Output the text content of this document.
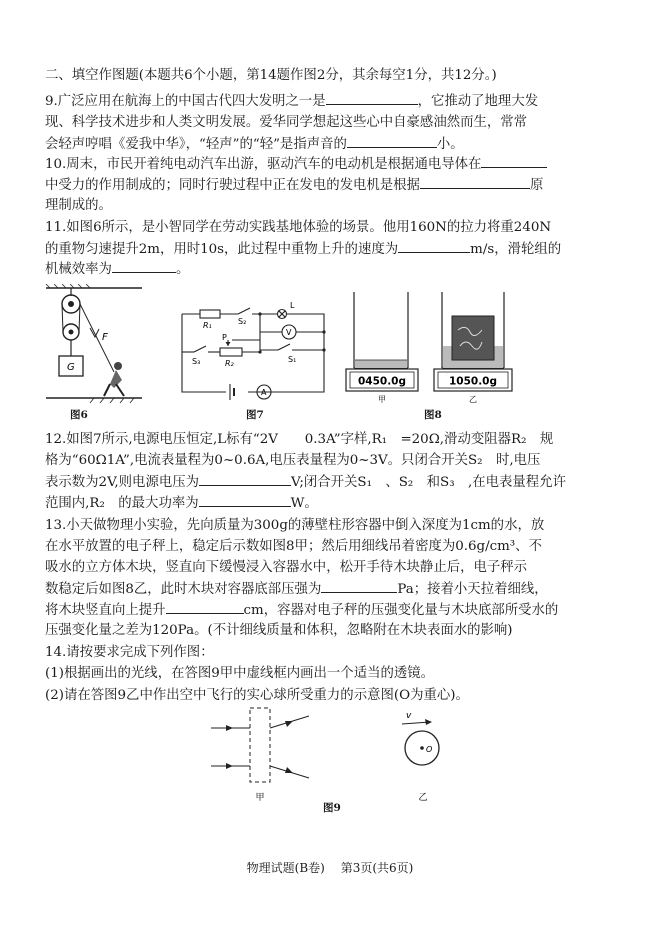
二、填空作图题(本题共6个小题，第14题作图2分，其余每空1分，共12分。)
9.广泛应用在航海上的中国古代四大发明之一是	，它推动了地理大发
现、科学技术进步和人类文明发展。爱华同学想起这些心中自豪感油然而生，常常
会轻声哼唱《爱我中华》，“轻声”的“轻”是指声音的	小。
10.周末，市民开着纯电动汽车出游，驱动汽车的电动机是根据通电导体在
中受力的作用制成的；同时行驶过程中正在发电的发电机是根据	原
理制成的。
11.如图6所示，是小智同学在劳动实践基地体验的场景。他用160N的拉力将重240N
的重物匀速提升2m，用时10s，此过程中重物上升的速度为	m/s，滑轮组的
机械效率为	。
G
F
图6
R₁	S₂
L
V
P
R₂
S₃	S₁
A
图7
0450.0g	1050.0g
甲	乙
图8
12.如图7所示,电源电压恒定,L标有“2V　　0.3A”字样,R₁　=20Ω,滑动变阻器R₂　规
格为“60Ω1A”,电流表量程为0~0.6A,电压表量程为0~3V。只闭合开关S₂　时,电压
表示数为2V,则电源电压为	V;闭合开关S₁　、S₂　和S₃　,在电表量程允许
范围内,R₂　的最大功率为	W。
13.小天做物理小实验，先向质量为300g的薄壁柱形容器中倒入深度为1cm的水，放
在水平放置的电子秤上，稳定后示数如图8甲；然后用细线吊着密度为0.6g/cm³、不
吸水的立方体木块，竖直向下缓慢浸入容器水中，松开手待木块静止后，电子秤示
数稳定后如图8乙，此时木块对容器底部压强为	Pa；接着小天拉着细线，
将木块竖直向上提升	cm，容器对电子秤的压强变化量与木块底部所受水的
压强变化量之差为120Pa。(不计细线质量和体积，忽略附在木块表面水的影响)
14.请按要求完成下列作图：
(1)根据画出的光线，在答图9甲中虚线框内画出一个适当的透镜。
(2)请在答图9乙中作出空中飞行的实心球所受重力的示意图(O为重心)。
甲
v
O
乙
图9
物理试题(B卷) 第3页(共6页)
